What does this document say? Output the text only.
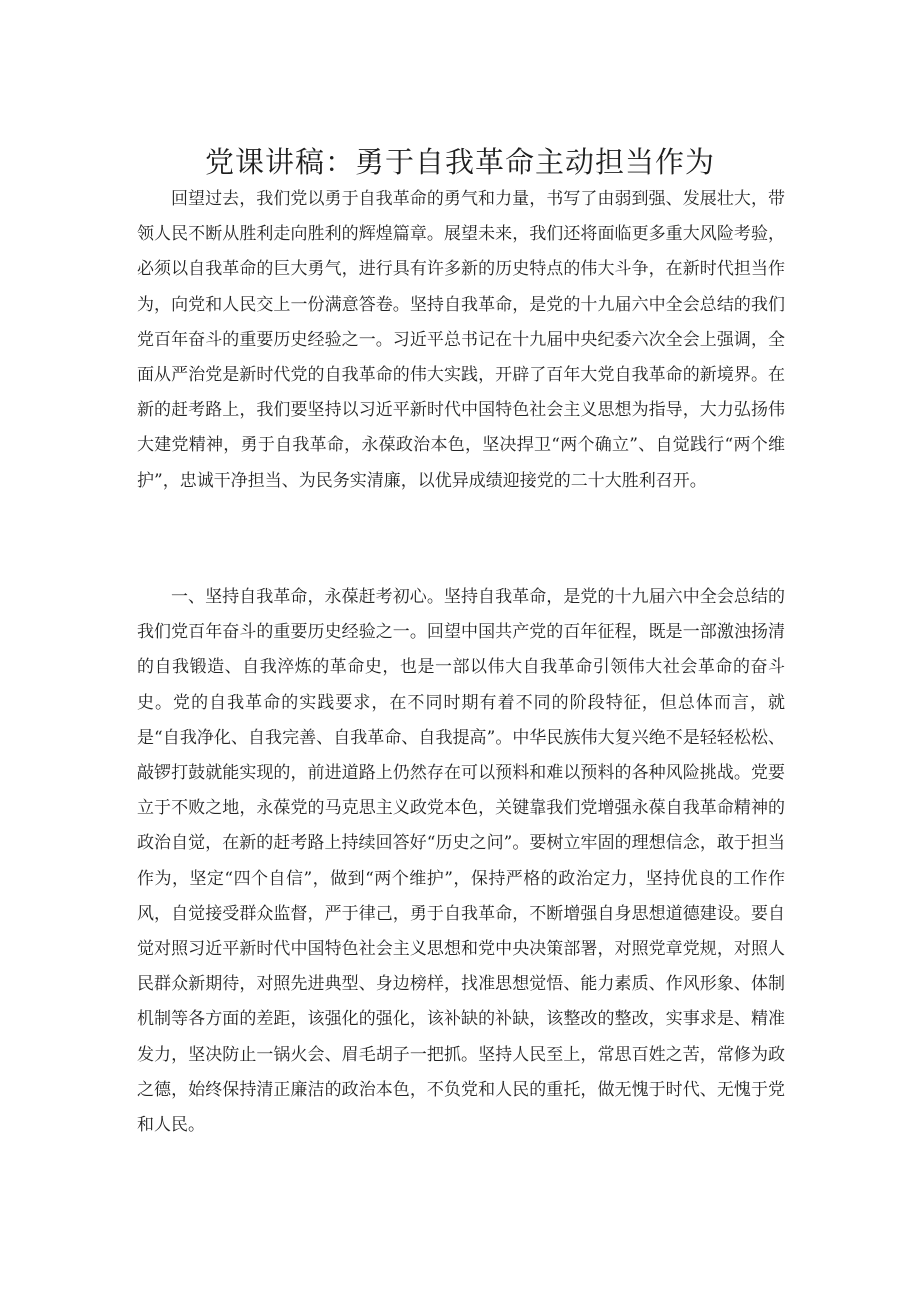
党课讲稿：勇于自我革命主动担当作为

回望过去，我们党以勇于自我革命的勇气和力量，书写了由弱到强、发展壮大，带领人民不断从胜利走向胜利的辉煌篇章。展望未来，我们还将面临更多重大风险考验，必须以自我革命的巨大勇气，进行具有许多新的历史特点的伟大斗争，在新时代担当作为，向党和人民交上一份满意答卷。坚持自我革命，是党的十九届六中全会总结的我们党百年奋斗的重要历史经验之一。习近平总书记在十九届中央纪委六次全会上强调，全面从严治党是新时代党的自我革命的伟大实践，开辟了百年大党自我革命的新境界。在新的赶考路上，我们要坚持以习近平新时代中国特色社会主义思想为指导，大力弘扬伟大建党精神，勇于自我革命，永葆政治本色，坚决捍卫“两个确立”、自觉践行“两个维护”，忠诚干净担当、为民务实清廉，以优异成绩迎接党的二十大胜利召开。

一、坚持自我革命，永葆赶考初心。坚持自我革命，是党的十九届六中全会总结的我们党百年奋斗的重要历史经验之一。回望中国共产党的百年征程，既是一部激浊扬清的自我锻造、自我淬炼的革命史，也是一部以伟大自我革命引领伟大社会革命的奋斗史。党的自我革命的实践要求，在不同时期有着不同的阶段特征，但总体而言，就是“自我净化、自我完善、自我革命、自我提高”。中华民族伟大复兴绝不是轻轻松松、敲锣打鼓就能实现的，前进道路上仍然存在可以预料和难以预料的各种风险挑战。党要立于不败之地，永葆党的马克思主义政党本色，关键靠我们党增强永葆自我革命精神的政治自觉，在新的赶考路上持续回答好“历史之问”。要树立牢固的理想信念，敢于担当作为，坚定“四个自信”，做到“两个维护”，保持严格的政治定力，坚持优良的工作作风，自觉接受群众监督，严于律己，勇于自我革命，不断增强自身思想道德建设。要自觉对照习近平新时代中国特色社会主义思想和党中央决策部署，对照党章党规，对照人民群众新期待，对照先进典型、身边榜样，找准思想觉悟、能力素质、作风形象、体制机制等各方面的差距，该强化的强化，该补缺的补缺，该整改的整改，实事求是、精准发力，坚决防止一锅火会、眉毛胡子一把抓。坚持人民至上，常思百姓之苦，常修为政之德，始终保持清正廉洁的政治本色，不负党和人民的重托，做无愧于时代、无愧于党和人民。
